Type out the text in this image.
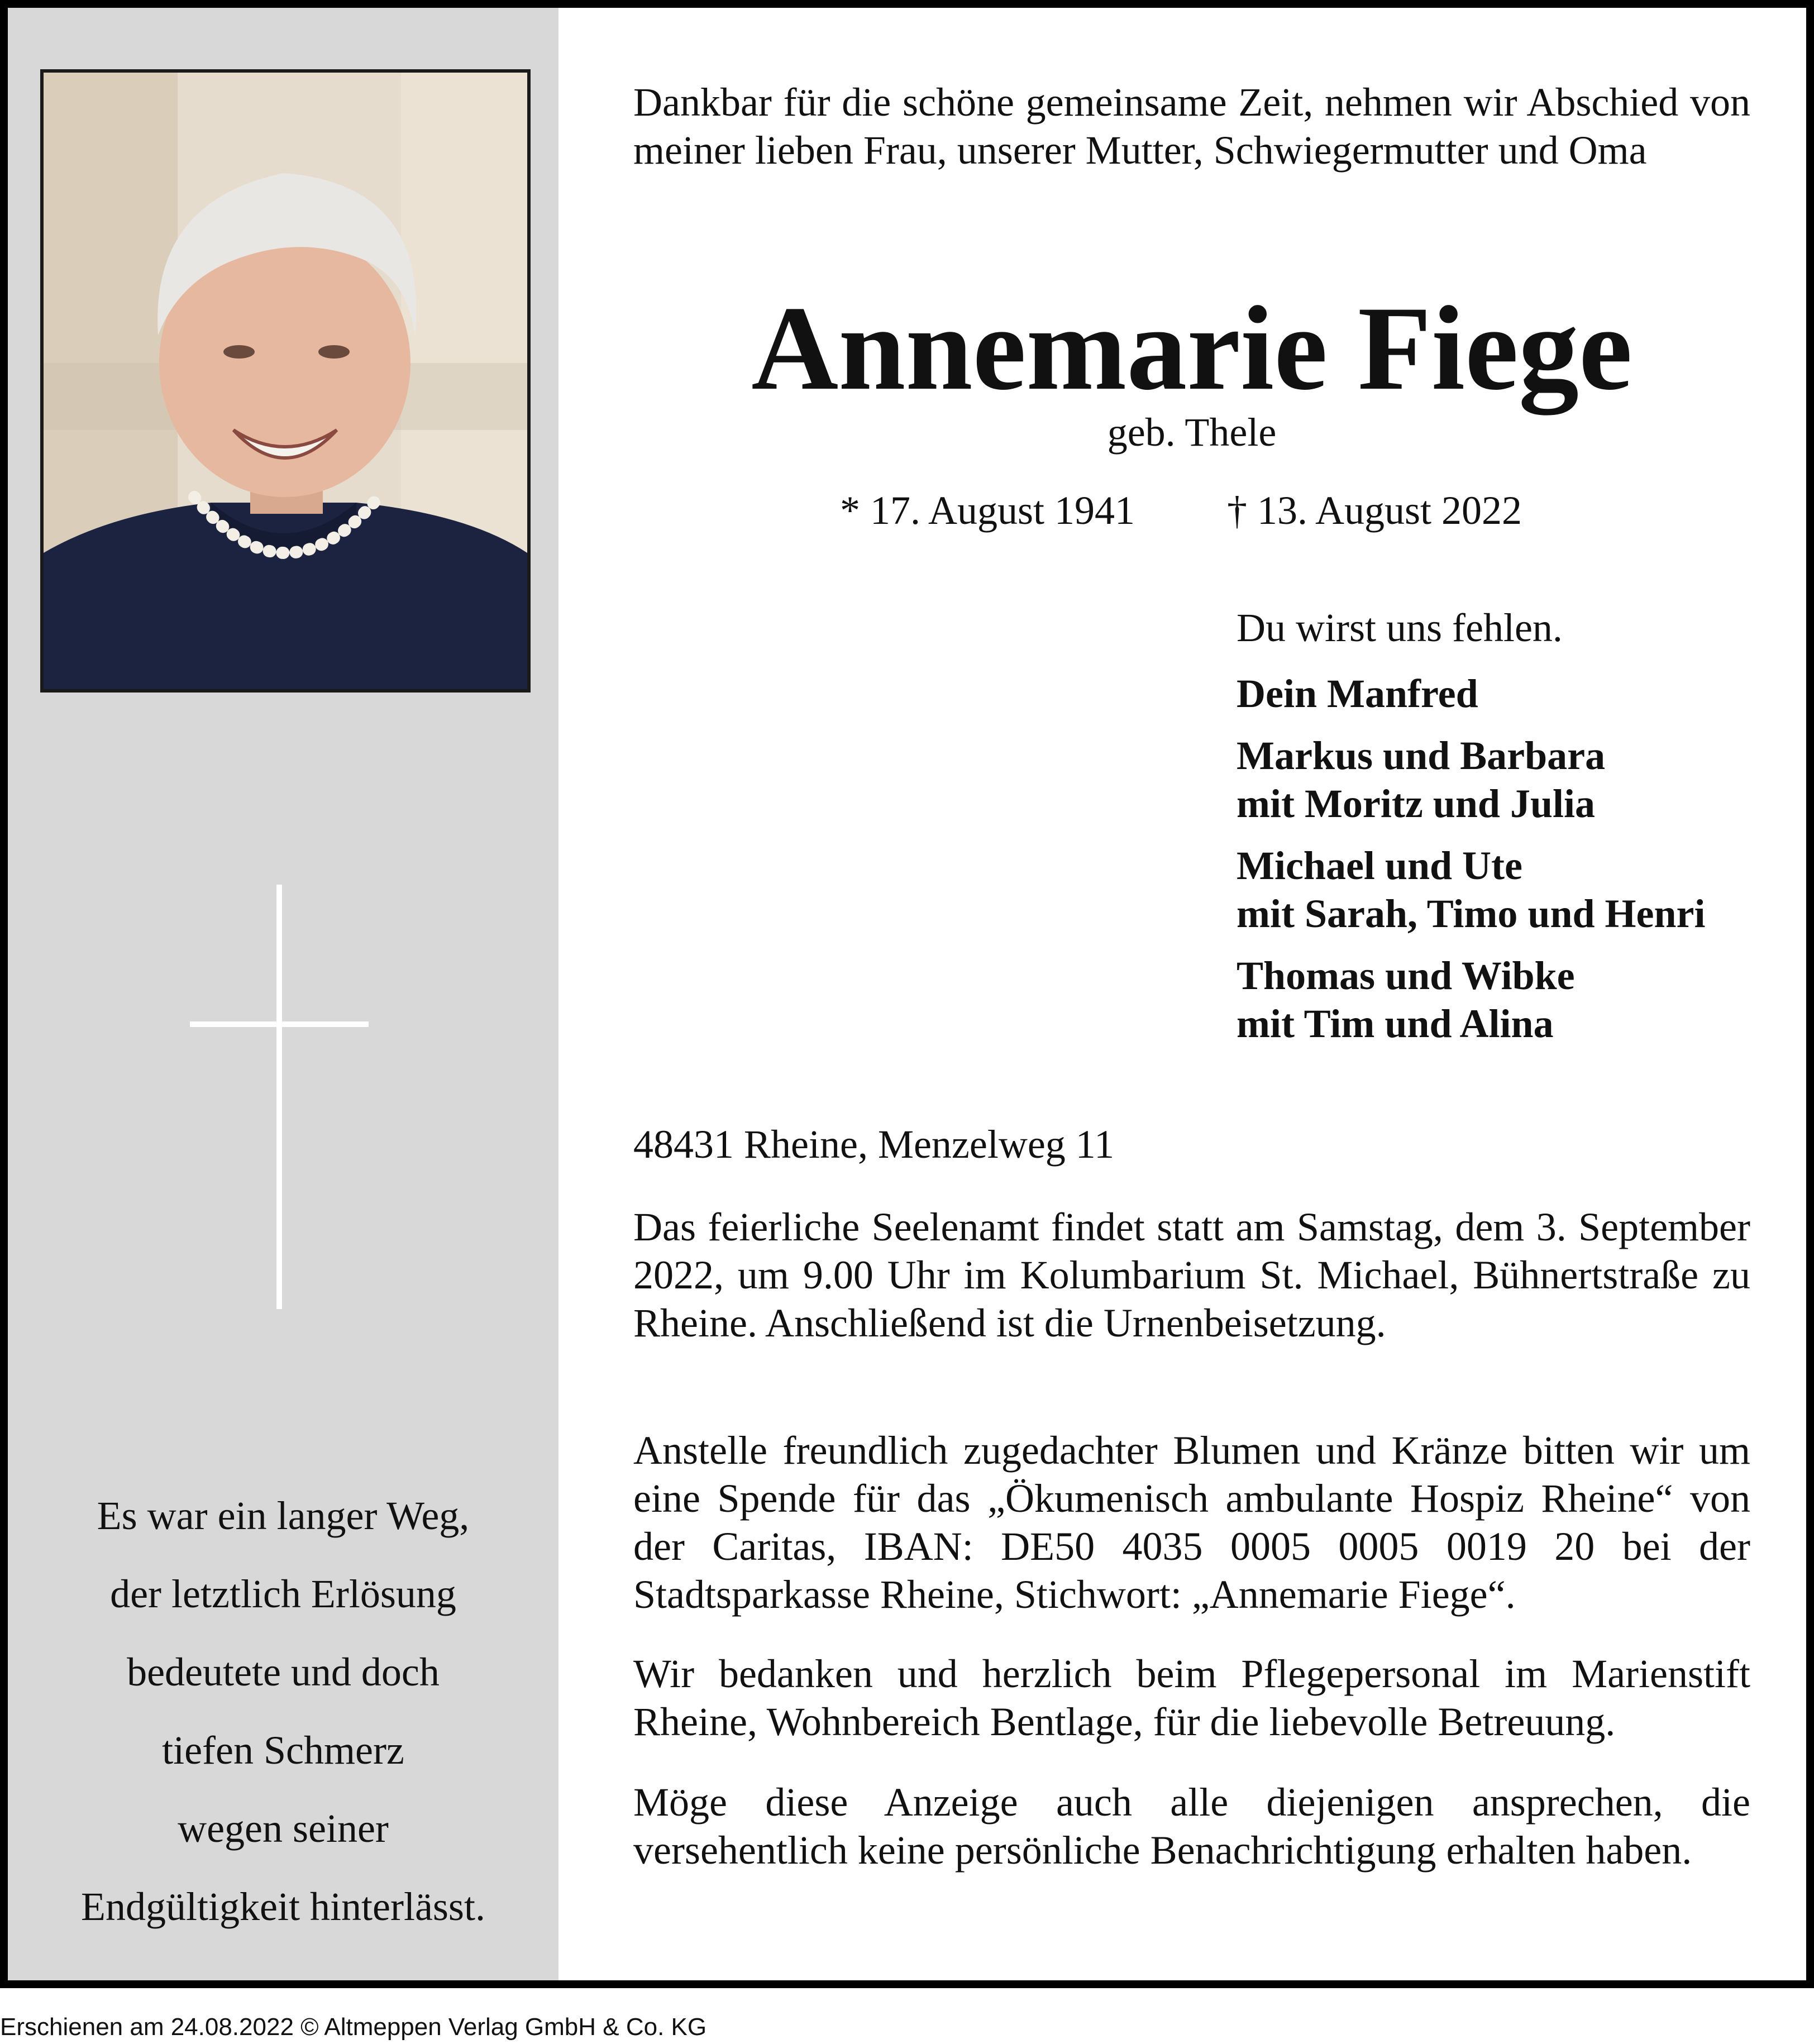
Es war ein langer Weg,
der letztlich Erlösung
bedeutete und doch
tiefen Schmerz
wegen seiner
Endgültigkeit hinterlässt.

Dankbar für die schöne gemeinsame Zeit, nehmen wir Abschied von meiner lieben Frau, unserer Mutter, Schwiegermutter und Oma

Annemarie Fiege
geb. Thele
* 17. August 1941 † 13. August 2022
Du wirst uns fehlen.
Dein Manfred
Markus und Barbara
mit Moritz und Julia
Michael und Ute
mit Sarah, Timo und Henri
Thomas und Wibke
mit Tim und Alina
48431 Rheine, Menzelweg 11

Das feierliche Seelenamt findet statt am Samstag, dem 3. September 2022, um 9.00 Uhr im Kolumbarium St. Michael, Bühnertstraße zu Rheine. Anschließend ist die Urnenbeisetzung.

Anstelle freundlich zugedachter Blumen und Kränze bitten wir um eine Spende für das „Ökumenisch ambulante Hospiz Rheine“ von der Caritas, IBAN: DE50 4035 0005 0005 0019 20 bei der Stadtsparkasse Rheine, Stichwort: „Annemarie Fiege“.

Wir bedanken und herzlich beim Pflegepersonal im Marienstift Rheine, Wohnbereich Bentlage, für die liebevolle Betreuung.

Möge diese Anzeige auch alle diejenigen ansprechen, die versehentlich keine persönliche Benachrichtigung erhalten haben.

Erschienen am 24.08.2022 © Altmeppen Verlag GmbH & Co. KG
